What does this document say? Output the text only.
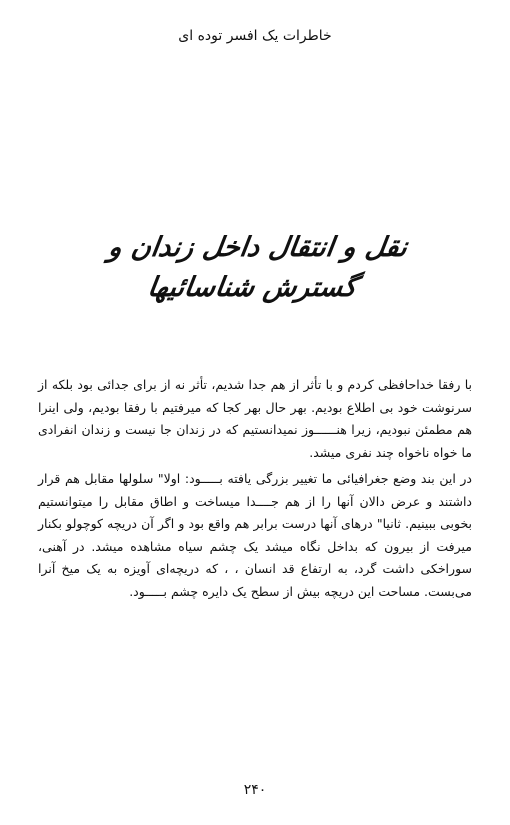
خاطرات یک افسر توده ای
نقل و انتقال داخل زندان و گسترش شناسائیها

با رفقا خداحافظی کردم و با تأثر از هم جدا شدیم، تأثر نه از برای جدائی بود بلکه از سرنوشت خود بی اطلاع بودیم. بهر حال بهر کجا که میرفتیم با رفقا بودیم، ولی اینرا هم مطمئن نبودیم، زیرا هنــــــوز نمیدانستیم که در زندان جا نیست و زندان انفرادی ما خواه ناخواه چند نفری میشد.

در این بند وضع جغرافیائی ما تغییر بزرگی یافته بـــــود: اولا" سلولها مقابل هم قرار داشتند و عرض دالان آنها را از هم جــــدا میساخت و اطاق مقابل را میتوانستیم بخوبی ببینیم. ثانیا" درهای آنها درست برابر هم واقع بود و اگر آن دریچه کوچولو بکنار میرفت از بیرون که بداخل نگاه میشد یک چشم سیاه مشاهده میشد. در آهنی، سوراخکی داشت گرد، به ارتفاع قد انسان ، ، که دریچه‌ای آویزه به یک میخ آنرا می‌بست. مساحت این دریچه بیش از سطح یک دایره چشم بـــــود.

۲۴۰
